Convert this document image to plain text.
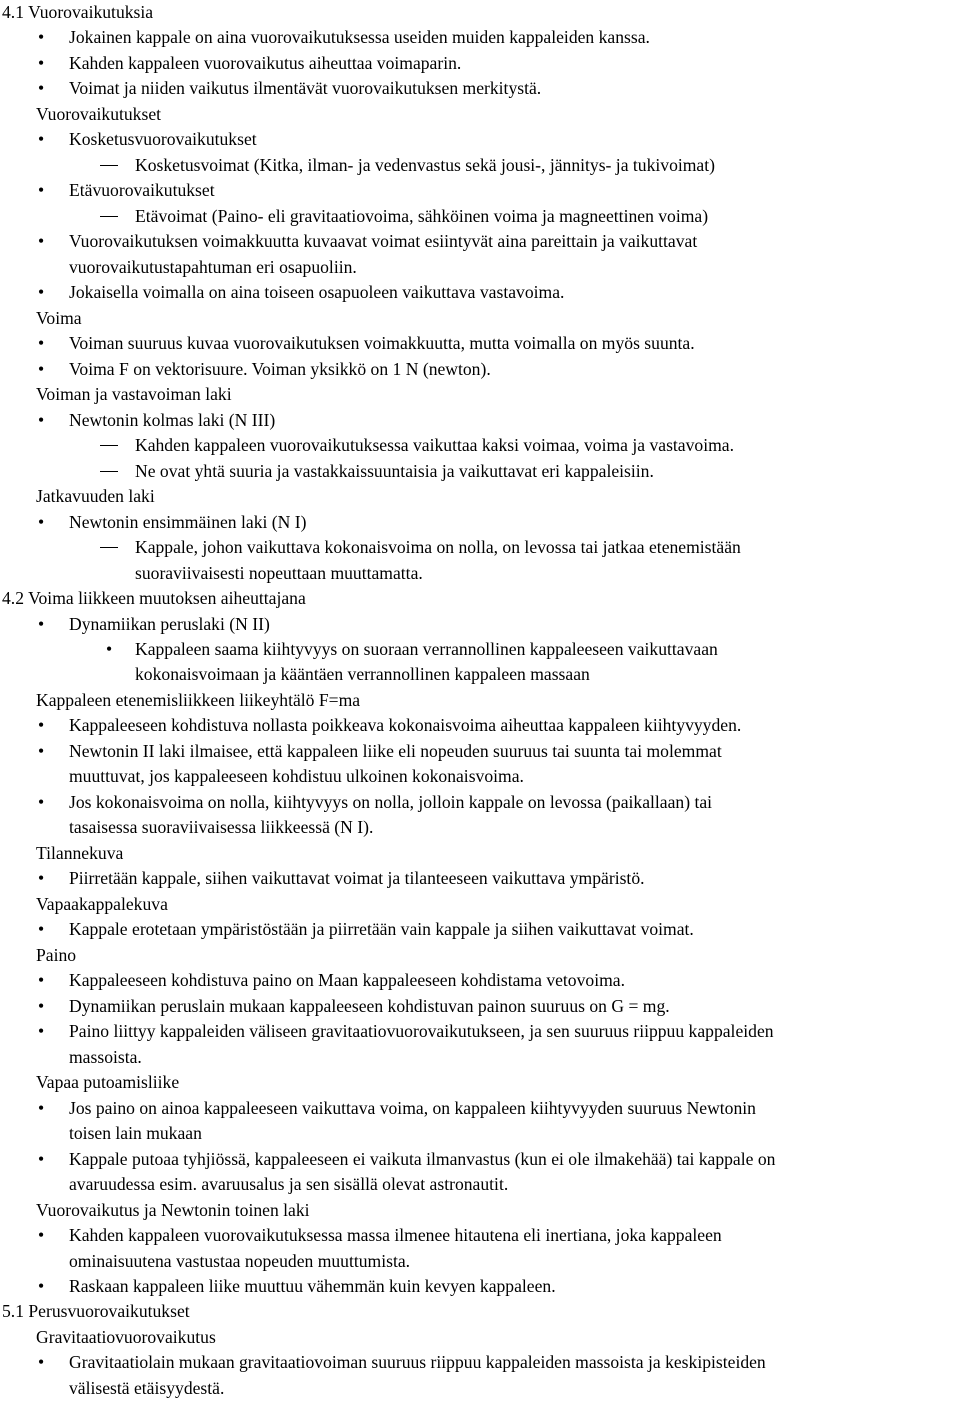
4.1 Vuorovaikutuksia
• Jokainen kappale on aina vuorovaikutuksessa useiden muiden kappaleiden kanssa.
• Kahden kappaleen vuorovaikutus aiheuttaa voimaparin.
• Voimat ja niiden vaikutus ilmentävät vuorovaikutuksen merkitystä.
Vuorovaikutukset
• Kosketusvuorovaikutukset
Kosketusvoimat (Kitka, ilman- ja vedenvastus sekä jousi-, jännitys- ja tukivoimat)
• Etävuorovaikutukset
Etävoimat (Paino- eli gravitaatiovoima, sähköinen voima ja magneettinen voima)
• Vuorovaikutuksen voimakkuutta kuvaavat voimat esiintyvät aina pareittain ja vaikuttavat
vuorovaikutustapahtuman eri osapuoliin.
• Jokaisella voimalla on aina toiseen osapuoleen vaikuttava vastavoima.
Voima
• Voiman suuruus kuvaa vuorovaikutuksen voimakkuutta, mutta voimalla on myös suunta.
• Voima F on vektorisuure. Voiman yksikkö on 1 N (newton).
Voiman ja vastavoiman laki
• Newtonin kolmas laki (N III)
Kahden kappaleen vuorovaikutuksessa vaikuttaa kaksi voimaa, voima ja vastavoima.
Ne ovat yhtä suuria ja vastakkaissuuntaisia ja vaikuttavat eri kappaleisiin.
Jatkavuuden laki
• Newtonin ensimmäinen laki (N I)
Kappale, johon vaikuttava kokonaisvoima on nolla, on levossa tai jatkaa etenemistään
suoraviivaisesti nopeuttaan muuttamatta.
4.2 Voima liikkeen muutoksen aiheuttajana
• Dynamiikan peruslaki (N II)
• Kappaleen saama kiihtyvyys on suoraan verrannollinen kappaleeseen vaikuttavaan
kokonaisvoimaan ja kääntäen verrannollinen kappaleen massaan
Kappaleen etenemisliikkeen liikeyhtälö F=ma
• Kappaleeseen kohdistuva nollasta poikkeava kokonaisvoima aiheuttaa kappaleen kiihtyvyyden.
• Newtonin II laki ilmaisee, että kappaleen liike eli nopeuden suuruus tai suunta tai molemmat
muuttuvat, jos kappaleeseen kohdistuu ulkoinen kokonaisvoima.
• Jos kokonaisvoima on nolla, kiihtyvyys on nolla, jolloin kappale on levossa (paikallaan) tai
tasaisessa suoraviivaisessa liikkeessä (N I).
Tilannekuva
• Piirretään kappale, siihen vaikuttavat voimat ja tilanteeseen vaikuttava ympäristö.
Vapaakappalekuva
• Kappale erotetaan ympäristöstään ja piirretään vain kappale ja siihen vaikuttavat voimat.
Paino
• Kappaleeseen kohdistuva paino on Maan kappaleeseen kohdistama vetovoima.
• Dynamiikan peruslain mukaan kappaleeseen kohdistuvan painon suuruus on G = mg.
• Paino liittyy kappaleiden väliseen gravitaatiovuorovaikutukseen, ja sen suuruus riippuu kappaleiden
massoista.
Vapaa putoamisliike
• Jos paino on ainoa kappaleeseen vaikuttava voima, on kappaleen kiihtyvyyden suuruus Newtonin
toisen lain mukaan
• Kappale putoaa tyhjiössä, kappaleeseen ei vaikuta ilmanvastus (kun ei ole ilmakehää) tai kappale on
avaruudessa esim. avaruusalus ja sen sisällä olevat astronautit.
Vuorovaikutus ja Newtonin toinen laki
• Kahden kappaleen vuorovaikutuksessa massa ilmenee hitautena eli inertiana, joka kappaleen
ominaisuutena vastustaa nopeuden muuttumista.
• Raskaan kappaleen liike muuttuu vähemmän kuin kevyen kappaleen.
5.1 Perusvuorovaikutukset
Gravitaatiovuorovaikutus
• Gravitaatiolain mukaan gravitaatiovoiman suuruus riippuu kappaleiden massoista ja keskipisteiden
välisestä etäisyydestä.
